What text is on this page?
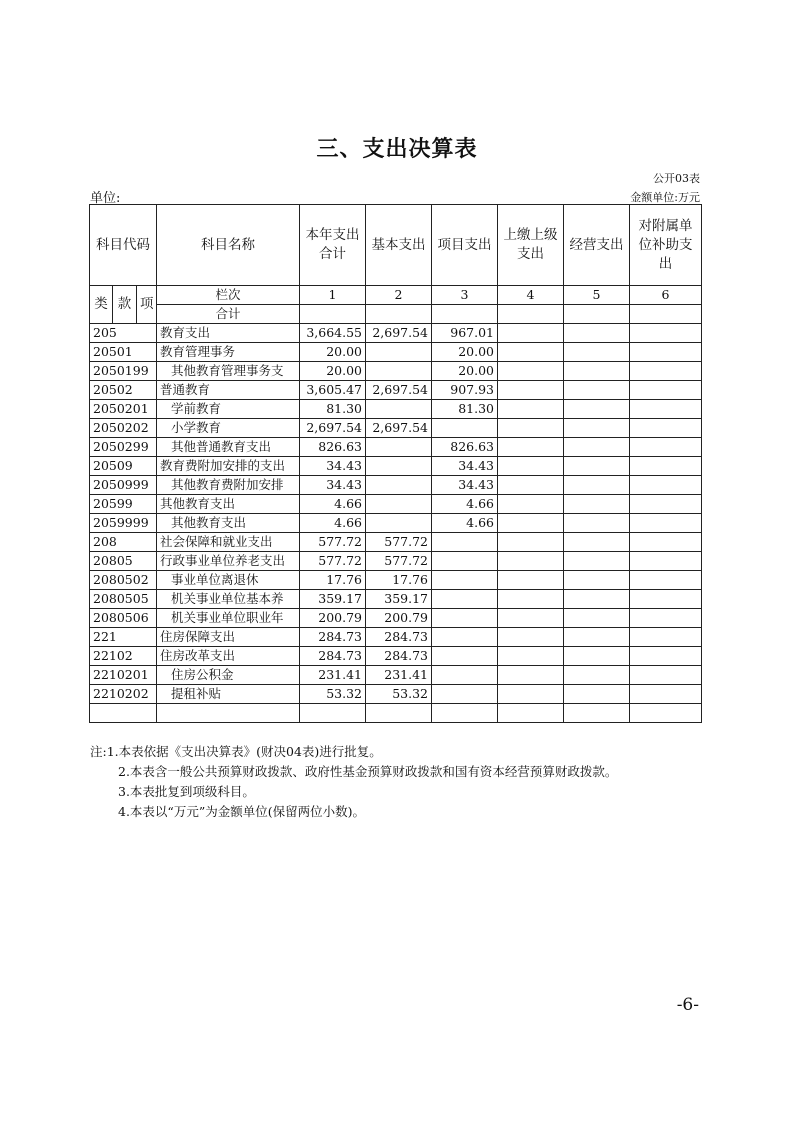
三、支出决算表
公开03表
单位:	金额单位:万元
科目代码			科目名称	本年支出合计	基本支出	项目支出	上缴上级支出	经营支出	对附属单位补助支出
类	款	项	栏次	1	2	3	4	5	6
			合计						
205			教育支出	3,664.55	2,697.54	967.01			
20501			教育管理事务	20.00		20.00			
2050199			其他教育管理事务支	20.00		20.00			
20502			普通教育	3,605.47	2,697.54	907.93			
2050201			学前教育	81.30		81.30			
2050202			小学教育	2,697.54	2,697.54				
2050299			其他普通教育支出	826.63		826.63			
20509			教育费附加安排的支出	34.43		34.43			
2050999			其他教育费附加安排	34.43		34.43			
20599			其他教育支出	4.66		4.66			
2059999			其他教育支出	4.66		4.66			
208			社会保障和就业支出	577.72	577.72				
20805			行政事业单位养老支出	577.72	577.72				
2080502			事业单位离退休	17.76	17.76				
2080505			机关事业单位基本养	359.17	359.17				
2080506			机关事业单位职业年	200.79	200.79				
221			住房保障支出	284.73	284.73				
22102			住房改革支出	284.73	284.73				
2210201			住房公积金	231.41	231.41				
2210202			提租补贴	53.32	53.32				

注:1.本表依据《支出决算表》(财决04表)进行批复。
2.本表含一般公共预算财政拨款、政府性基金预算财政拨款和国有资本经营预算财政拨款。
3.本表批复到项级科目。
4.本表以“万元”为金额单位(保留两位小数)。
-6-
